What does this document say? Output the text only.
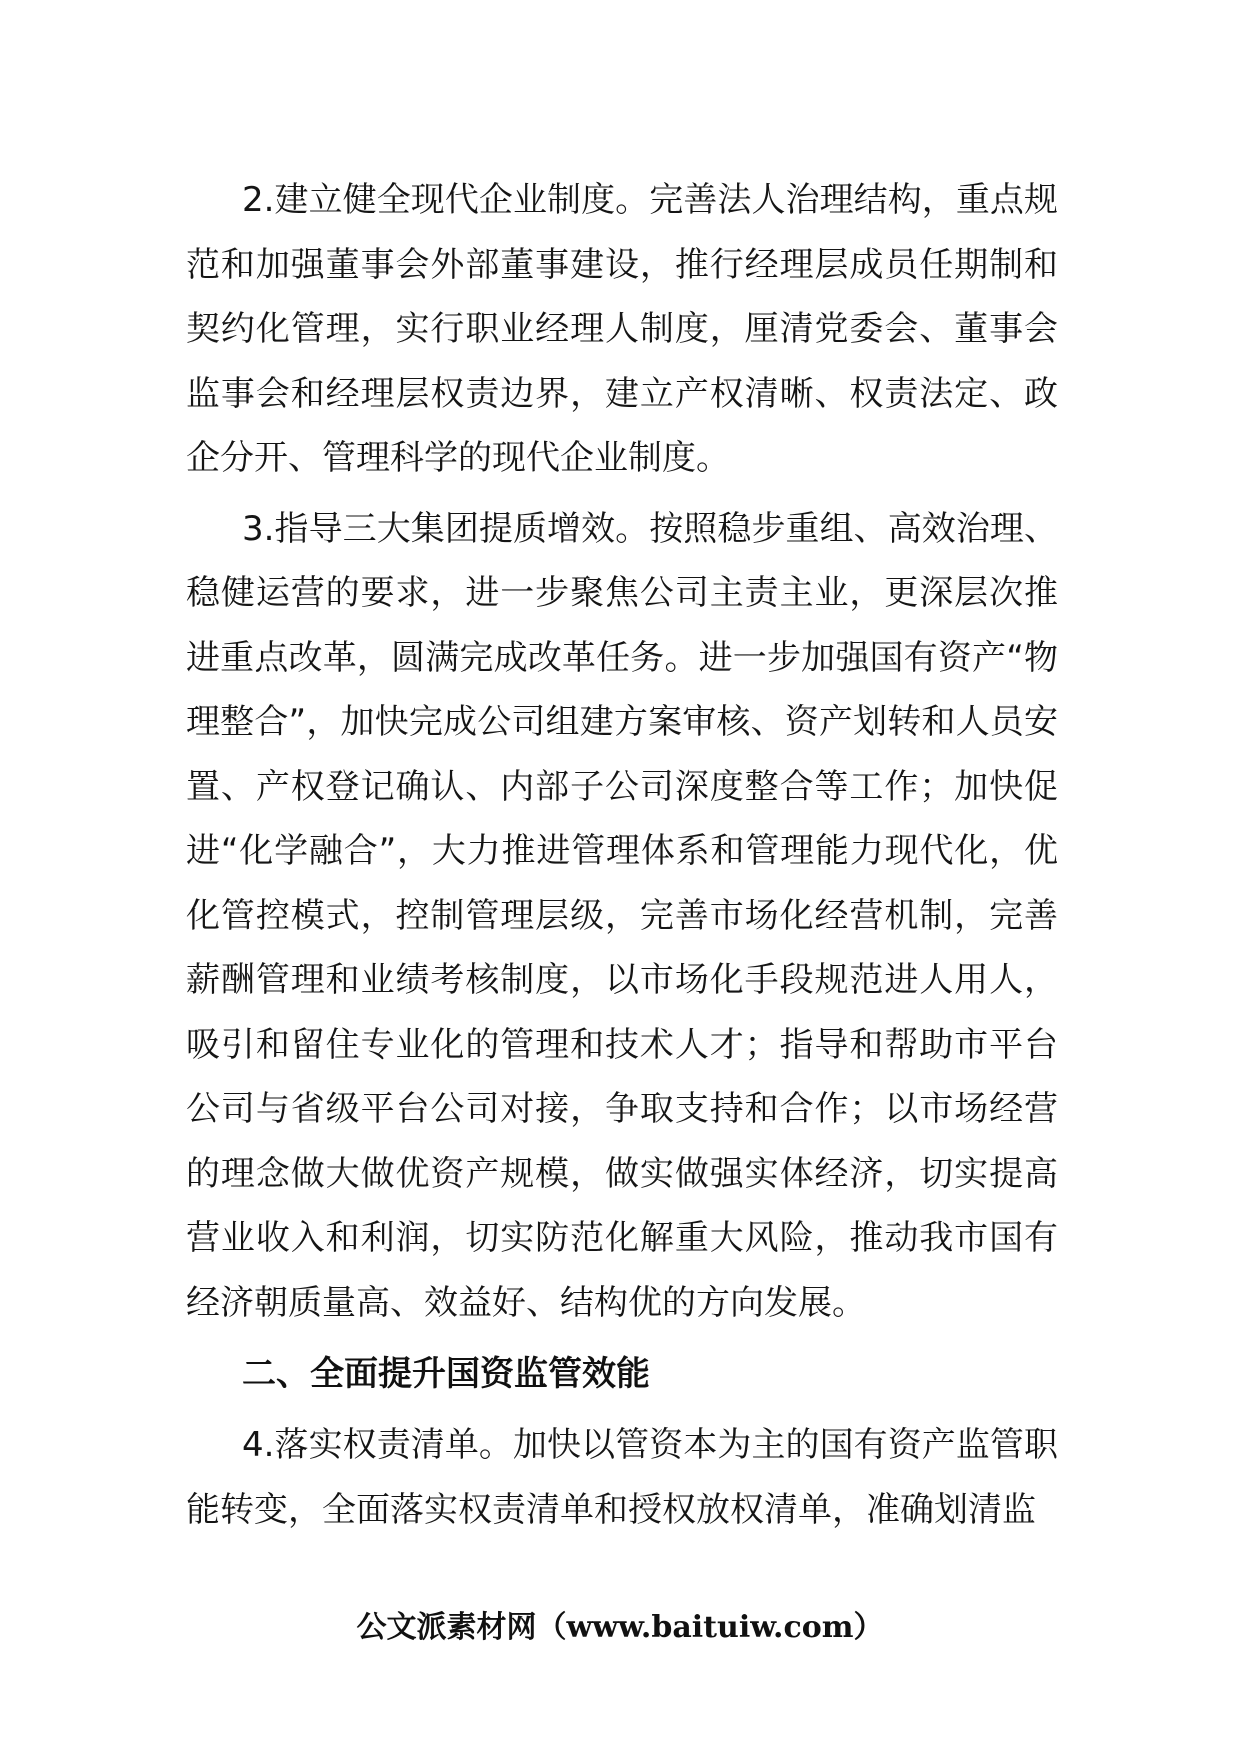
2.建立健全现代企业制度。完善法人治理结构，重点规范和加强董事会外部董事建设，推行经理层成员任期制和契约化管理，实行职业经理人制度，厘清党委会、董事会监事会和经理层权责边界，建立产权清晰、权责法定、政企分开、管理科学的现代企业制度。

3.指导三大集团提质增效。按照稳步重组、高效治理、稳健运营的要求，进一步聚焦公司主责主业，更深层次推进重点改革，圆满完成改革任务。进一步加强国有资产“物理整合”，加快完成公司组建方案审核、资产划转和人员安置、产权登记确认、内部子公司深度整合等工作；加快促进“化学融合”，大力推进管理体系和管理能力现代化，优化管控模式，控制管理层级，完善市场化经营机制，完善薪酬管理和业绩考核制度，以市场化手段规范进人用人，吸引和留住专业化的管理和技术人才；指导和帮助市平台公司与省级平台公司对接，争取支持和合作；以市场经营的理念做大做优资产规模，做实做强实体经济，切实提高营业收入和利润，切实防范化解重大风险，推动我市国有经济朝质量高、效益好、结构优的方向发展。

二、全面提升国资监管效能

4.落实权责清单。加快以管资本为主的国有资产监管职能转变，全面落实权责清单和授权放权清单，准确划清监

公文派素材网（www.baitu​iw.com）
